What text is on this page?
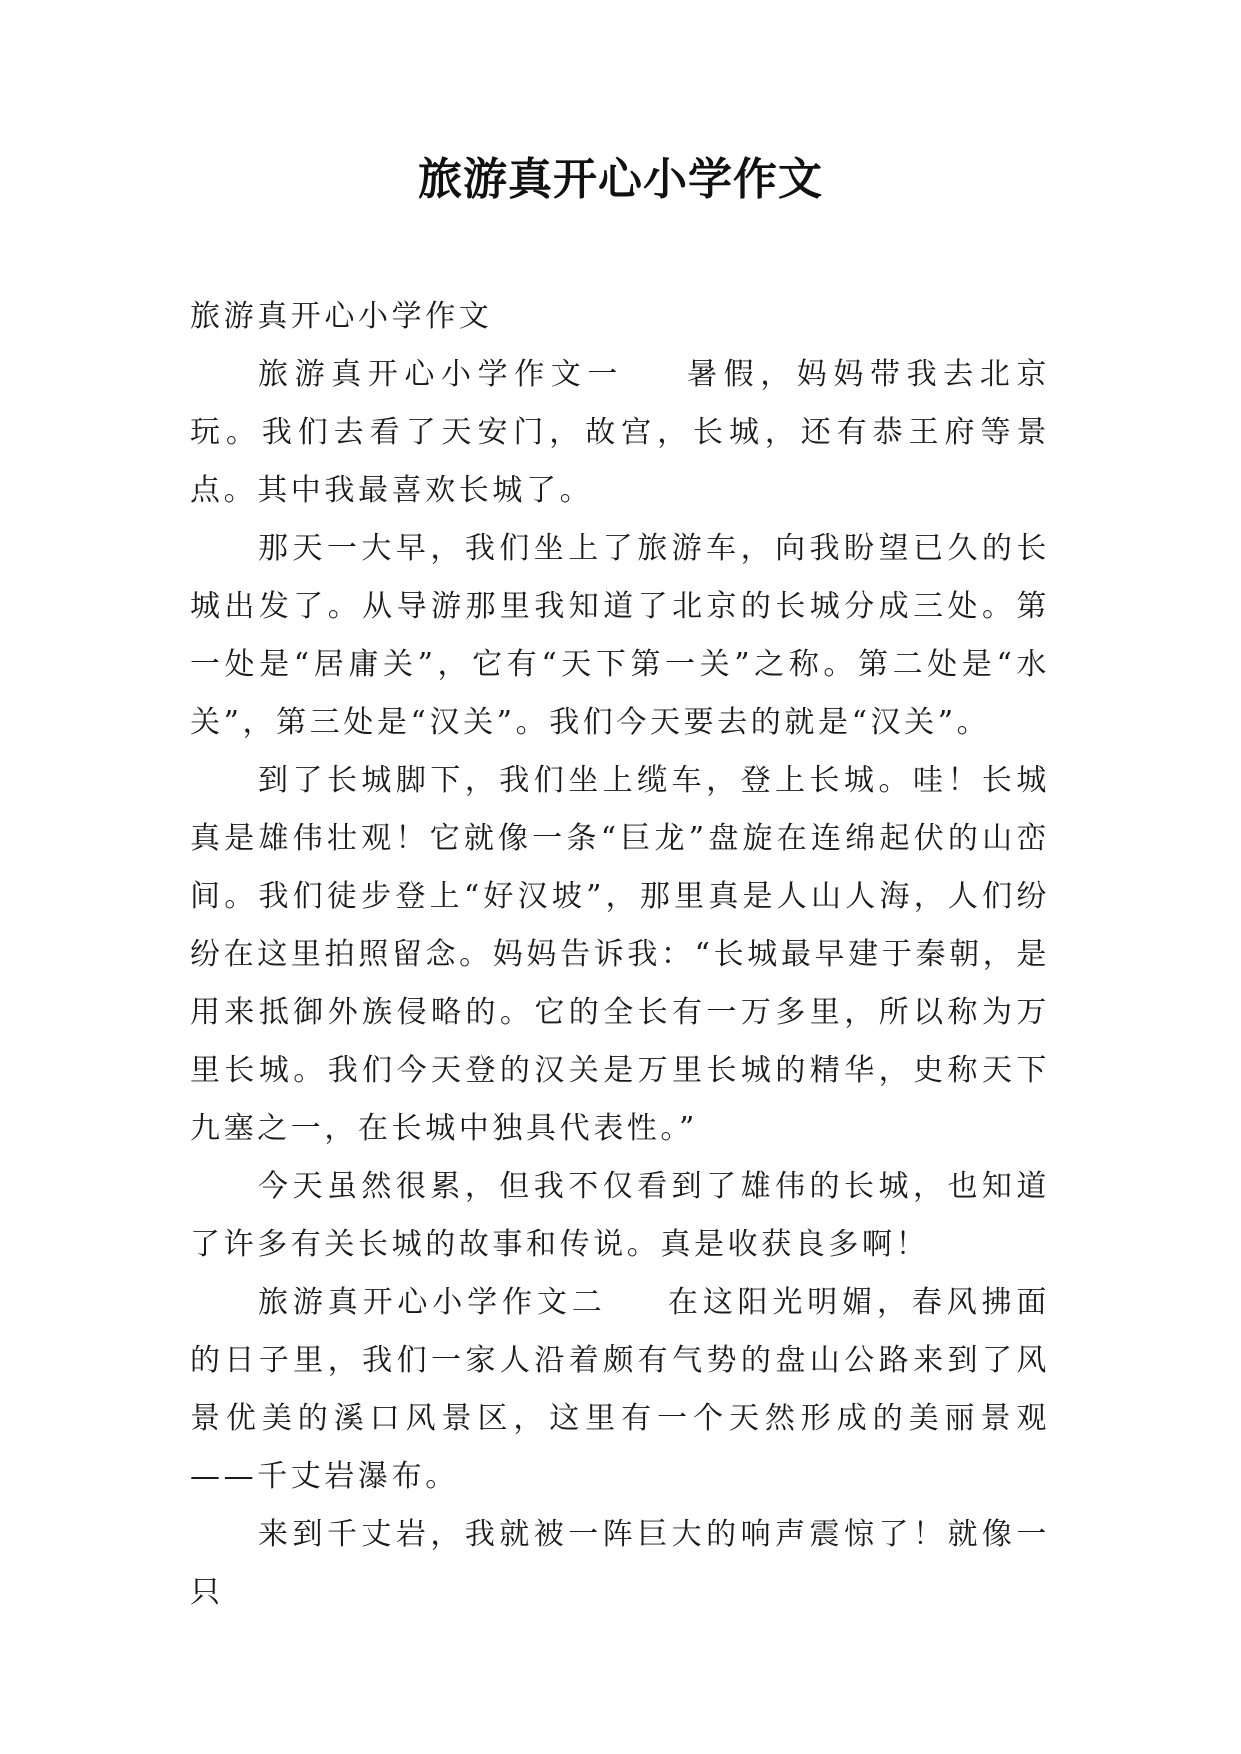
旅游真开心小学作文

旅游真开心小学作文

旅游真开心小学作文一 暑假，妈妈带我去北京玩。我们去看了天安门，故宫，长城，还有恭王府等景点。其中我最喜欢长城了。

那天一大早，我们坐上了旅游车，向我盼望已久的长城出发了。从导游那里我知道了北京的长城分成三处。第一处是“居庸关”，它有“天下第一关”之称。第二处是“水关”，第三处是“汉关”。我们今天要去的就是“汉关”。

到了长城脚下，我们坐上缆车，登上长城。哇！长城真是雄伟壮观！它就像一条“巨龙”盘旋在连绵起伏的山峦间。我们徒步登上“好汉坡”，那里真是人山人海，人们纷纷在这里拍照留念。妈妈告诉我：“长城最早建于秦朝，是用来抵御外族侵略的。它的全长有一万多里，所以称为万里长城。我们今天登的汉关是万里长城的精华，史称天下九塞之一，在长城中独具代表性。”

今天虽然很累，但我不仅看到了雄伟的长城，也知道了许多有关长城的故事和传说。真是收获良多啊！

旅游真开心小学作文二 在这阳光明媚，春风拂面的日子里，我们一家人沿着颇有气势的盘山公路来到了风景优美的溪口风景区，这里有一个天然形成的美丽景观——千丈岩瀑布。

来到千丈岩，我就被一阵巨大的响声震惊了！就像一只
